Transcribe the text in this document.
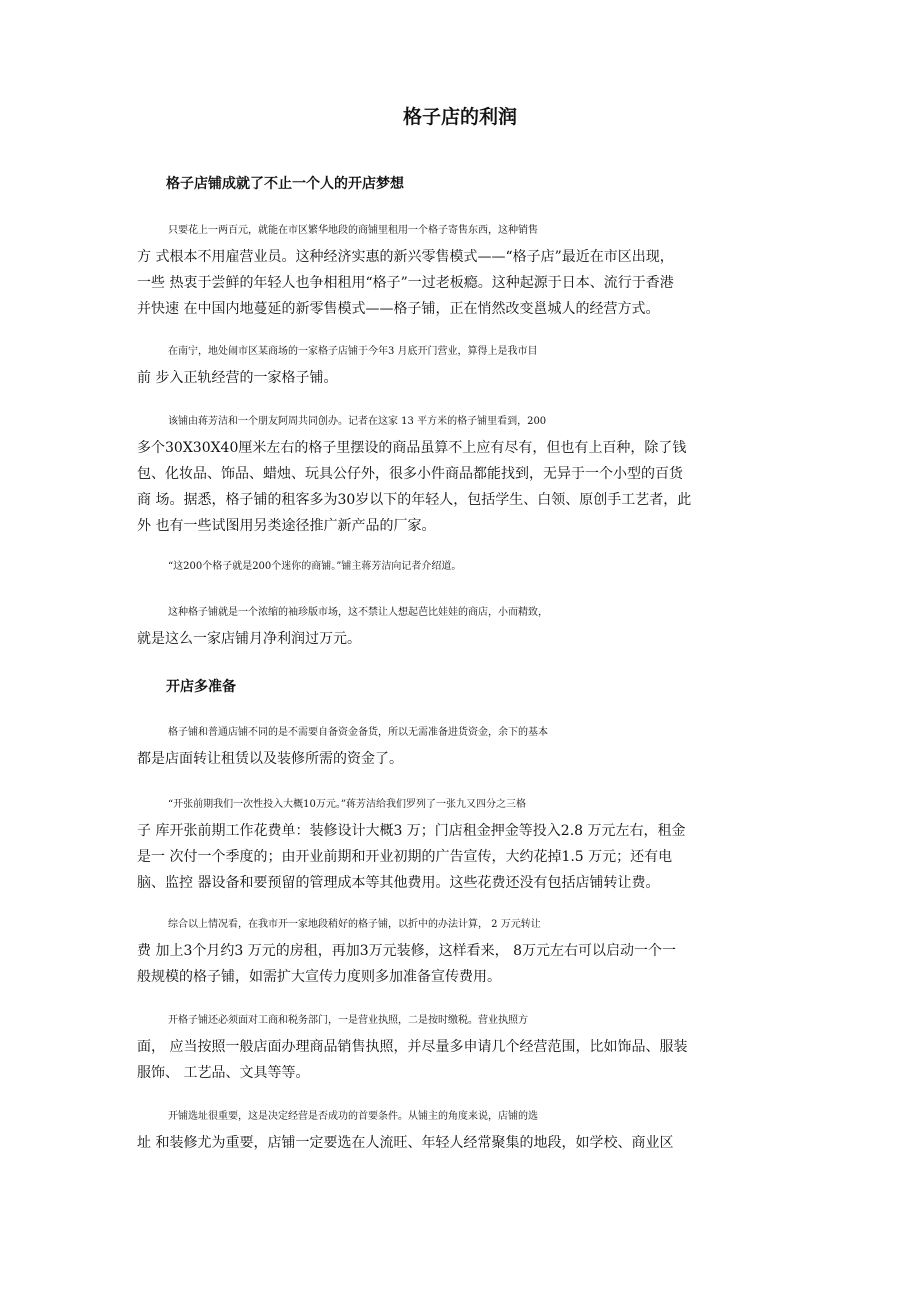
格子店的利润
格子店铺成就了不止一个人的开店梦想

只要花上一两百元，就能在市区繁华地段的商铺里租用一个格子寄售东西，这种销售
方 式根本不用雇营业员。这种经济实惠的新兴零售模式——“格子店”最近在市区出现，
一些 热衷于尝鲜的年轻人也争相租用“格子”一过老板瘾。这种起源于日本、流行于香港
并快速 在中国内地蔓延的新零售模式——格子铺，正在悄然改变邕城人的经营方式。

在南宁，地处闹市区某商场的一家格子店铺于今年3 月底开门营业，算得上是我市目
前 步入正轨经营的一家格子铺。

该铺由蒋芳洁和一个朋友阿周共同创办。记者在这家 13 平方米的格子铺里看到，200
多个30X30X40厘米左右的格子里摆设的商品虽算不上应有尽有，但也有上百种，除了钱
包、化妆品、饰品、蜡烛、玩具公仔外，很多小件商品都能找到，无异于一个小型的百货
商 场。据悉，格子铺的租客多为30岁以下的年轻人，包括学生、白领、原创手工艺者，此
外 也有一些试图用另类途径推广新产品的厂家。

“这200个格子就是200个迷你的商铺。”铺主蒋芳洁向记者介绍道。

这种格子铺就是一个浓缩的袖珍版市场，这不禁让人想起芭比娃娃的商店，小而精致，
就是这么一家店铺月净利润过万元。

开店多准备

格子铺和普通店铺不同的是不需要自备资金备货，所以无需准备进货资金，余下的基本
都是店面转让租赁以及装修所需的资金了。

“开张前期我们一次性投入大概10万元。”蒋芳洁给我们罗列了一张九又四分之三格
子 库开张前期工作花费单：装修设计大概3 万；门店租金押金等投入2.8 万元左右，租金
是一 次付一个季度的；由开业前期和开业初期的广告宣传，大约花掉1.5 万元；还有电
脑、监控 器设备和要预留的管理成本等其他费用。这些花费还没有包括店铺转让费。

综合以上情况看，在我市开一家地段稍好的格子铺，以折中的办法计算， 2 万元转让
费 加上3个月约3 万元的房租，再加3万元装修，这样看来， 8万元左右可以启动一个一
般规模的格子铺，如需扩大宣传力度则多加准备宣传费用。

开格子铺还必须面对工商和税务部门，一是营业执照，二是按时缴税。营业执照方
面， 应当按照一般店面办理商品销售执照，并尽量多申请几个经营范围，比如饰品、服装
服饰、 工艺品、文具等等。

开铺选址很重要，这是决定经营是否成功的首要条件。从铺主的角度来说，店铺的选
址 和装修尤为重要，店铺一定要选在人流旺、年轻人经常聚集的地段，如学校、商业区
